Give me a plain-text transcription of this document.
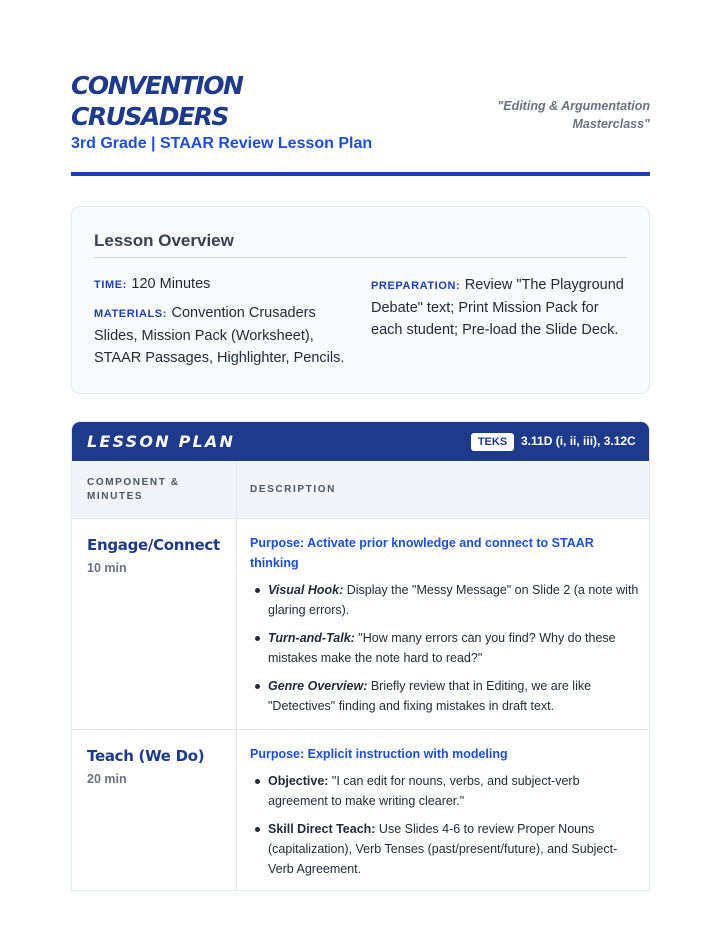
CONVENTION
CRUSADERS
3rd Grade | STAAR Review Lesson Plan
"Editing & Argumentation Masterclass"
Lesson Overview
TIME: 120 Minutes
MATERIALS: Convention Crusaders Slides, Mission Pack (Worksheet), STAAR Passages, Highlighter, Pencils.
PREPARATION: Review "The Playground Debate" text; Print Mission Pack for each student; Pre-load the Slide Deck.
LESSON PLAN	TEKS	3.11D (i, ii, iii), 3.12C
COMPONENT & MINUTES
DESCRIPTION
Engage/Connect
10 min
Purpose: Activate prior knowledge and connect to STAAR thinking
Visual Hook: Display the "Messy Message" on Slide 2 (a note with glaring errors).
Turn-and-Talk: "How many errors can you find? Why do these mistakes make the note hard to read?"
Genre Overview: Briefly review that in Editing, we are like "Detectives" finding and fixing mistakes in draft text.
Teach (We Do)
20 min
Purpose: Explicit instruction with modeling
Objective: "I can edit for nouns, verbs, and subject-verb agreement to make writing clearer."
Skill Direct Teach: Use Slides 4-6 to review Proper Nouns (capitalization), Verb Tenses (past/present/future), and Subject-Verb Agreement.
